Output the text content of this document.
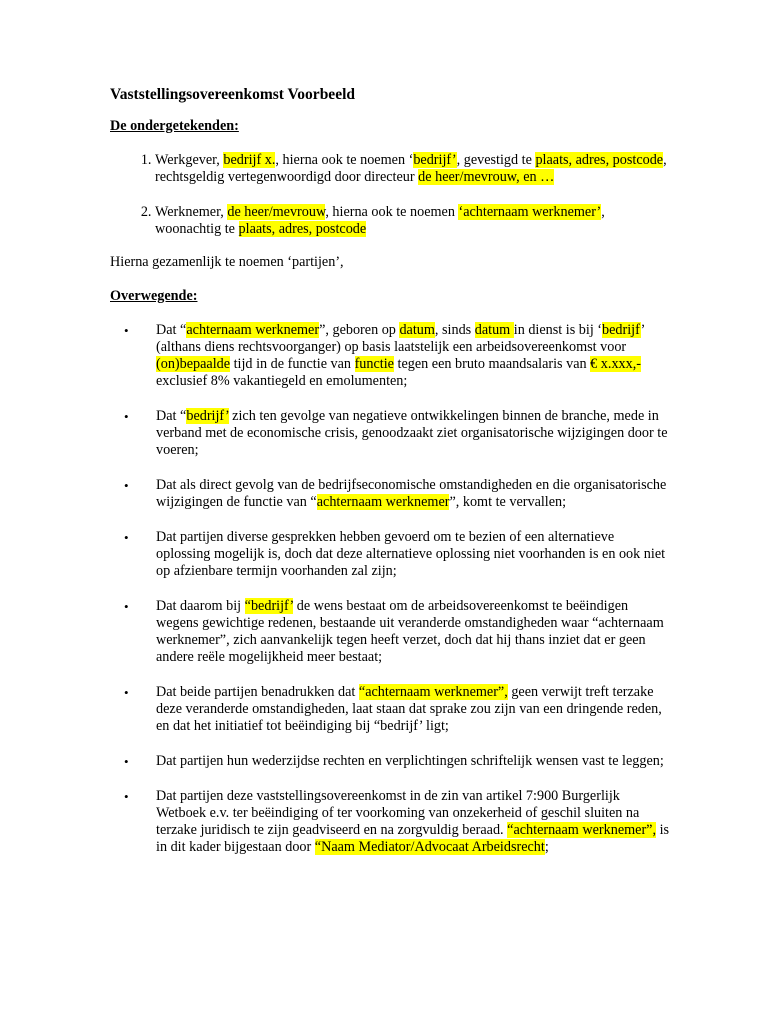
Vaststellingsovereenkomst Voorbeeld
De ondergetekenden:
1. Werkgever, bedrijf x., hierna ook te noemen ‘bedrijf’, gevestigd te plaats, adres, postcode, rechtsgeldig vertegenwoordigd door directeur de heer/mevrouw, en …
2. Werknemer, de heer/mevrouw, hierna ook te noemen ‘achternaam werknemer’, woonachtig te plaats, adres, postcode
Hierna gezamenlijk te noemen ‘partijen’,
Overwegende:
• Dat “achternaam werknemer”, geboren op datum, sinds datum in dienst is bij ‘bedrijf’ (althans diens rechtsvoorganger) op basis laatstelijk een arbeidsovereenkomst voor (on)bepaalde tijd in de functie van functie tegen een bruto maandsalaris van € x.xxx,- exclusief 8% vakantiegeld en emolumenten;
• Dat “bedrijf’ zich ten gevolge van negatieve ontwikkelingen binnen de branche, mede in verband met de economische crisis, genoodzaakt ziet organisatorische wijzigingen door te voeren;
• Dat als direct gevolg van de bedrijfseconomische omstandigheden en die organisatorische wijzigingen de functie van “achternaam werknemer”, komt te vervallen;
• Dat partijen diverse gesprekken hebben gevoerd om te bezien of een alternatieve oplossing mogelijk is, doch dat deze alternatieve oplossing niet voorhanden is en ook niet op afzienbare termijn voorhanden zal zijn;
• Dat daarom bij “bedrijf’ de wens bestaat om de arbeidsovereenkomst te beëindigen wegens gewichtige redenen, bestaande uit veranderde omstandigheden waar “achternaam werknemer”, zich aanvankelijk tegen heeft verzet, doch dat hij thans inziet dat er geen andere reële mogelijkheid meer bestaat;
• Dat beide partijen benadrukken dat “achternaam werknemer”, geen verwijt treft terzake deze veranderde omstandigheden, laat staan dat sprake zou zijn van een dringende reden, en dat het initiatief tot beëindiging bij “bedrijf’ ligt;
• Dat partijen hun wederzijdse rechten en verplichtingen schriftelijk wensen vast te leggen;
• Dat partijen deze vaststellingsovereenkomst in de zin van artikel 7:900 Burgerlijk Wetboek e.v. ter beëindiging of ter voorkoming van onzekerheid of geschil sluiten na terzake juridisch te zijn geadviseerd en na zorgvuldig beraad. “achternaam werknemer”, is in dit kader bijgestaan door “Naam Mediator/Advocaat Arbeidsrecht;
